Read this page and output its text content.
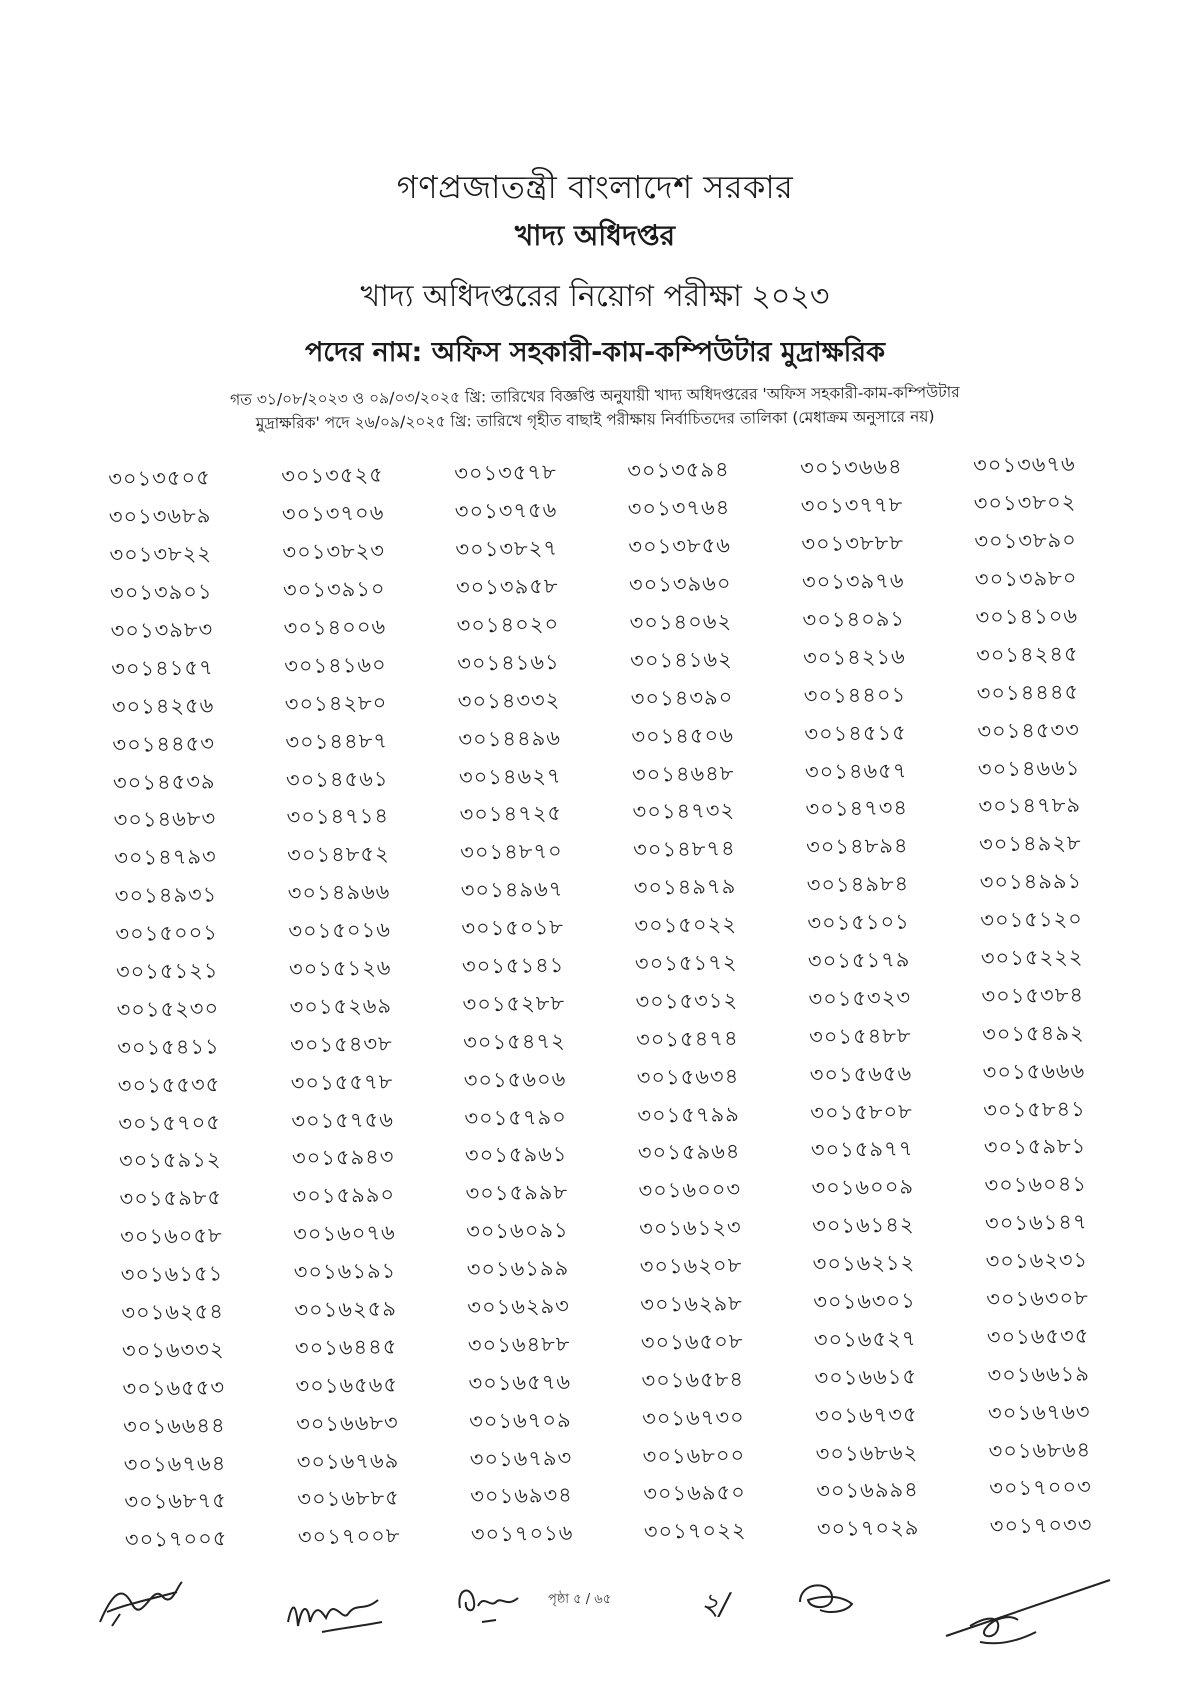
গণপ্রজাতন্ত্রী বাংলাদেশ সরকার
খাদ্য অধিদপ্তর
খাদ্য অধিদপ্তরের নিয়োগ পরীক্ষা ২০২৩
পদের নাম: অফিস সহকারী-কাম-কম্পিউটার মুদ্রাক্ষরিক
গত ৩১/০৮/২০২৩ ও ০৯/০৩/২০২৫ খ্রি: তারিখের বিজ্ঞপ্তি অনুযায়ী খাদ্য অধিদপ্তরের 'অফিস সহকারী-কাম-কম্পিউটার
মুদ্রাক্ষরিক' পদে ২৬/০৯/২০২৫ খ্রি: তারিখে গৃহীত বাছাই পরীক্ষায় নির্বাচিতদের তালিকা (মেধাক্রম অনুসারে নয়)
৩০১৩৫০৫	৩০১৩৫২৫	৩০১৩৫৭৮	৩০১৩৫৯৪	৩০১৩৬৬৪	৩০১৩৬৭৬
৩০১৩৬৮৯	৩০১৩৭০৬	৩০১৩৭৫৬	৩০১৩৭৬৪	৩০১৩৭৭৮	৩০১৩৮০২
৩০১৩৮২২	৩০১৩৮২৩	৩০১৩৮২৭	৩০১৩৮৫৬	৩০১৩৮৮৮	৩০১৩৮৯০
৩০১৩৯০১	৩০১৩৯১০	৩০১৩৯৫৮	৩০১৩৯৬০	৩০১৩৯৭৬	৩০১৩৯৮০
৩০১৩৯৮৩	৩০১৪০০৬	৩০১৪০২০	৩০১৪০৬২	৩০১৪০৯১	৩০১৪১০৬
৩০১৪১৫৭	৩০১৪১৬০	৩০১৪১৬১	৩০১৪১৬২	৩০১৪২১৬	৩০১৪২৪৫
৩০১৪২৫৬	৩০১৪২৮০	৩০১৪৩৩২	৩০১৪৩৯০	৩০১৪৪০১	৩০১৪৪৪৫
৩০১৪৪৫৩	৩০১৪৪৮৭	৩০১৪৪৯৬	৩০১৪৫০৬	৩০১৪৫১৫	৩০১৪৫৩৩
৩০১৪৫৩৯	৩০১৪৫৬১	৩০১৪৬২৭	৩০১৪৬৪৮	৩০১৪৬৫৭	৩০১৪৬৬১
৩০১৪৬৮৩	৩০১৪৭১৪	৩০১৪৭২৫	৩০১৪৭৩২	৩০১৪৭৩৪	৩০১৪৭৮৯
৩০১৪৭৯৩	৩০১৪৮৫২	৩০১৪৮৭০	৩০১৪৮৭৪	৩০১৪৮৯৪	৩০১৪৯২৮
৩০১৪৯৩১	৩০১৪৯৬৬	৩০১৪৯৬৭	৩০১৪৯৭৯	৩০১৪৯৮৪	৩০১৪৯৯১
৩০১৫০০১	৩০১৫০১৬	৩০১৫০১৮	৩০১৫০২২	৩০১৫১০১	৩০১৫১২০
৩০১৫১২১	৩০১৫১২৬	৩০১৫১৪১	৩০১৫১৭২	৩০১৫১৭৯	৩০১৫২২২
৩০১৫২৩০	৩০১৫২৬৯	৩০১৫২৮৮	৩০১৫৩১২	৩০১৫৩২৩	৩০১৫৩৮৪
৩০১৫৪১১	৩০১৫৪৩৮	৩০১৫৪৭২	৩০১৫৪৭৪	৩০১৫৪৮৮	৩০১৫৪৯২
৩০১৫৫৩৫	৩০১৫৫৭৮	৩০১৫৬০৬	৩০১৫৬৩৪	৩০১৫৬৫৬	৩০১৫৬৬৬
৩০১৫৭০৫	৩০১৫৭৫৬	৩০১৫৭৯০	৩০১৫৭৯৯	৩০১৫৮০৮	৩০১৫৮৪১
৩০১৫৯১২	৩০১৫৯৪৩	৩০১৫৯৬১	৩০১৫৯৬৪	৩০১৫৯৭৭	৩০১৫৯৮১
৩০১৫৯৮৫	৩০১৫৯৯০	৩০১৫৯৯৮	৩০১৬০০৩	৩০১৬০০৯	৩০১৬০৪১
৩০১৬০৫৮	৩০১৬০৭৬	৩০১৬০৯১	৩০১৬১২৩	৩০১৬১৪২	৩০১৬১৪৭
৩০১৬১৫১	৩০১৬১৯১	৩০১৬১৯৯	৩০১৬২০৮	৩০১৬২১২	৩০১৬২৩১
৩০১৬২৫৪	৩০১৬২৫৯	৩০১৬২৯৩	৩০১৬২৯৮	৩০১৬৩০১	৩০১৬৩০৮
৩০১৬৩৩২	৩০১৬৪৪৫	৩০১৬৪৮৮	৩০১৬৫০৮	৩০১৬৫২৭	৩০১৬৫৩৫
৩০১৬৫৫৩	৩০১৬৫৬৫	৩০১৬৫৭৬	৩০১৬৫৮৪	৩০১৬৬১৫	৩০১৬৬১৯
৩০১৬৬৪৪	৩০১৬৬৮৩	৩০১৬৭০৯	৩০১৬৭৩০	৩০১৬৭৩৫	৩০১৬৭৬৩
৩০১৬৭৬৪	৩০১৬৭৬৯	৩০১৬৭৯৩	৩০১৬৮০০	৩০১৬৮৬২	৩০১৬৮৬৪
৩০১৬৮৭৫	৩০১৬৮৮৫	৩০১৬৯৩৪	৩০১৬৯৫০	৩০১৬৯৯৪	৩০১৭০০৩
৩০১৭০০৫	৩০১৭০০৮	৩০১৭০১৬	৩০১৭০২২	৩০১৭০২৯	৩০১৭০৩৩
পৃষ্ঠা ৫ / ৬৫	২/
